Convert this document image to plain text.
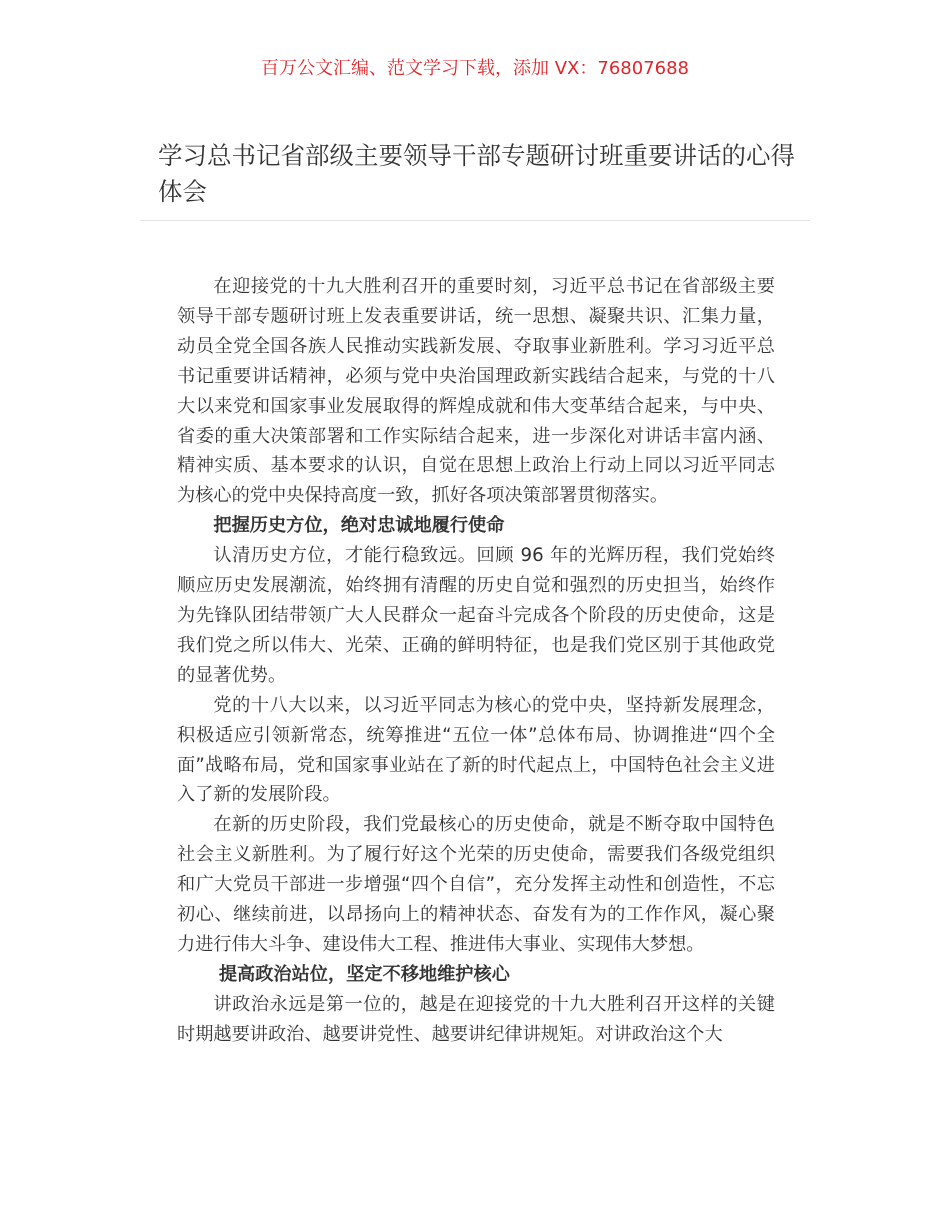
百万公文汇编、范文学习下载，添加 VX：76807688
学习总书记省部级主要领导干部专题研讨班重要讲话的心得体会

在迎接党的十九大胜利召开的重要时刻，习近平总书记在省部级主要领导干部专题研讨班上发表重要讲话，统一思想、凝聚共识、汇集力量，动员全党全国各族人民推动实践新发展、夺取事业新胜利。学习习近平总书记重要讲话精神，必须与党中央治国理政新实践结合起来，与党的十八大以来党和国家事业发展取得的辉煌成就和伟大变革结合起来，与中央、省委的重大决策部署和工作实际结合起来，进一步深化对讲话丰富内涵、精神实质、基本要求的认识，自觉在思想上政治上行动上同以习近平同志为核心的党中央保持高度一致，抓好各项决策部署贯彻落实。

把握历史方位，绝对忠诚地履行使命

认清历史方位，才能行稳致远。回顾 96 年的光辉历程，我们党始终顺应历史发展潮流，始终拥有清醒的历史自觉和强烈的历史担当，始终作为先锋队团结带领广大人民群众一起奋斗完成各个阶段的历史使命，这是我们党之所以伟大、光荣、正确的鲜明特征，也是我们党区别于其他政党的显著优势。

党的十八大以来，以习近平同志为核心的党中央，坚持新发展理念，积极适应引领新常态，统筹推进“五位一体”总体布局、协调推进“四个全面”战略布局，党和国家事业站在了新的时代起点上，中国特色社会主义进入了新的发展阶段。

在新的历史阶段，我们党最核心的历史使命，就是不断夺取中国特色社会主义新胜利。为了履行好这个光荣的历史使命，需要我们各级党组织和广大党员干部进一步增强“四个自信”，充分发挥主动性和创造性，不忘初心、继续前进，以昂扬向上的精神状态、奋发有为的工作作风，凝心聚力进行伟大斗争、建设伟大工程、推进伟大事业、实现伟大梦想。

提高政治站位，坚定不移地维护核心

讲政治永远是第一位的，越是在迎接党的十九大胜利召开这样的关键时期越要讲政治、越要讲党性、越要讲纪律讲规矩。对讲政治这个大
